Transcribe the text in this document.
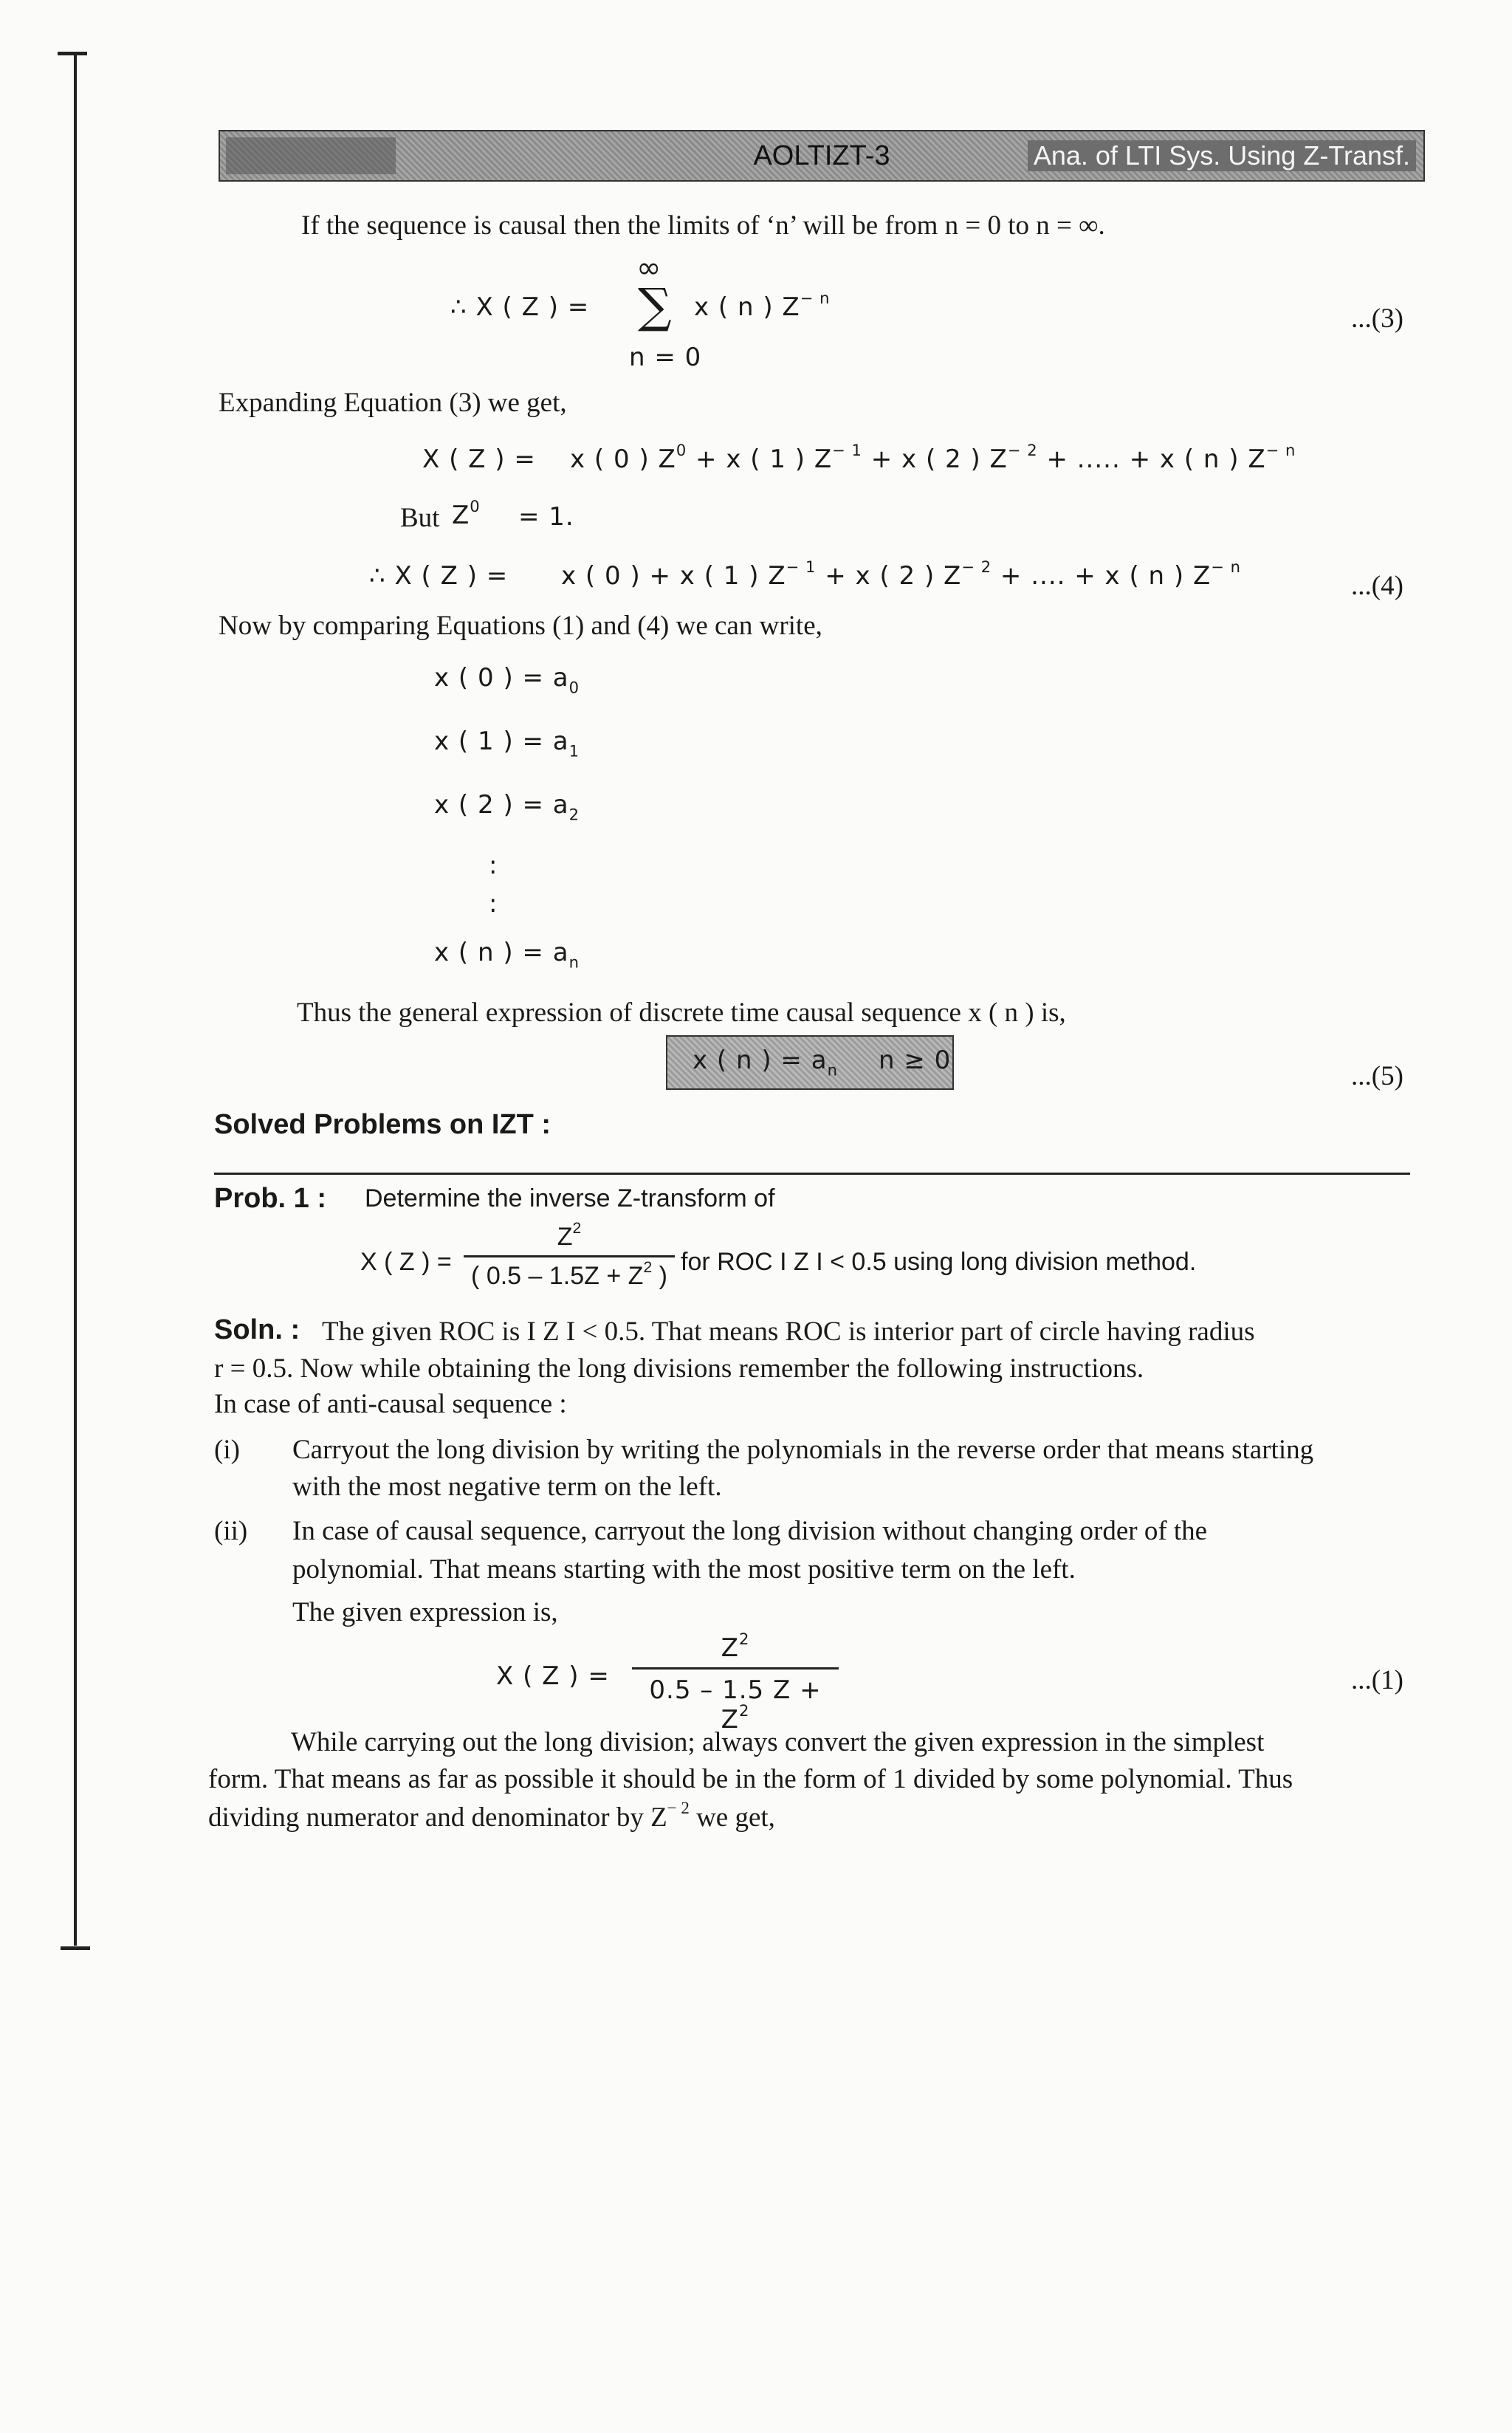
AOLTIZT-3	Ana. of LTI Sys. Using Z-Transf.
If the sequence is causal then the limits of ‘n’ will be from n = 0 to n = ∞.
∞
∴ X ( Z ) = ∑ x ( n ) $Z^{- n}$
...(3)
n = 0
Expanding Equation (3) we get,
X ( Z ) = x ( 0 ) $Z^0 + x$ ( 1 ) $Z^{- 1} + x$ ( 2 ) $Z^{- 2}$ + ..... + x ( n ) $Z^{- n}$
But $Z^0 = 1$.
∴ X ( Z ) = x ( 0 ) + x ( 1 ) $Z^{- 1} + x$ ( 2 ) $Z^{- 2}$ + .... + x ( n ) $Z^{- n}$
...(4)
Now by comparing Equations (1) and (4) we can write,
x ( 0 ) = $a_0$
x ( 1 ) = $a_1$
x ( 2 ) = $a_2$
:
:
x ( n ) = $a_n$
Thus the general expression of discrete time causal sequence x ( n ) is,
x ( n ) = $a_n$ n ≥ 0
...(5)
Solved Problems on IZT :
Prob. 1 : Determine the inverse Z-transform of
X ( Z ) =
$Z^2$
( $0.5 - 1.5Z + Z^2$ ) for ROC I Z I < 0.5 using long division method.
Soln. : The given ROC is I Z I < 0.5. That means ROC is interior part of circle having radius
r = 0.5. Now while obtaining the long divisions remember the following instructions.
In case of anti-causal sequence :
(i) Carryout the long division by writing the polynomials in the reverse order that means starting
with the most negative term on the left.
(ii) In case of causal sequence, carryout the long division without changing order of the
polynomial. That means starting with the most positive term on the left.
The given expression is,
X ( Z ) =
$Z^2$
0.5 – 1.5 $Z + Z^2$
...(1)
While carrying out the long division; always convert the given expression in the simplest
form. That means as far as possible it should be in the form of 1 divided by some polynomial. Thus
dividing numerator and denominator by $Z^{- 2}$ we get,
